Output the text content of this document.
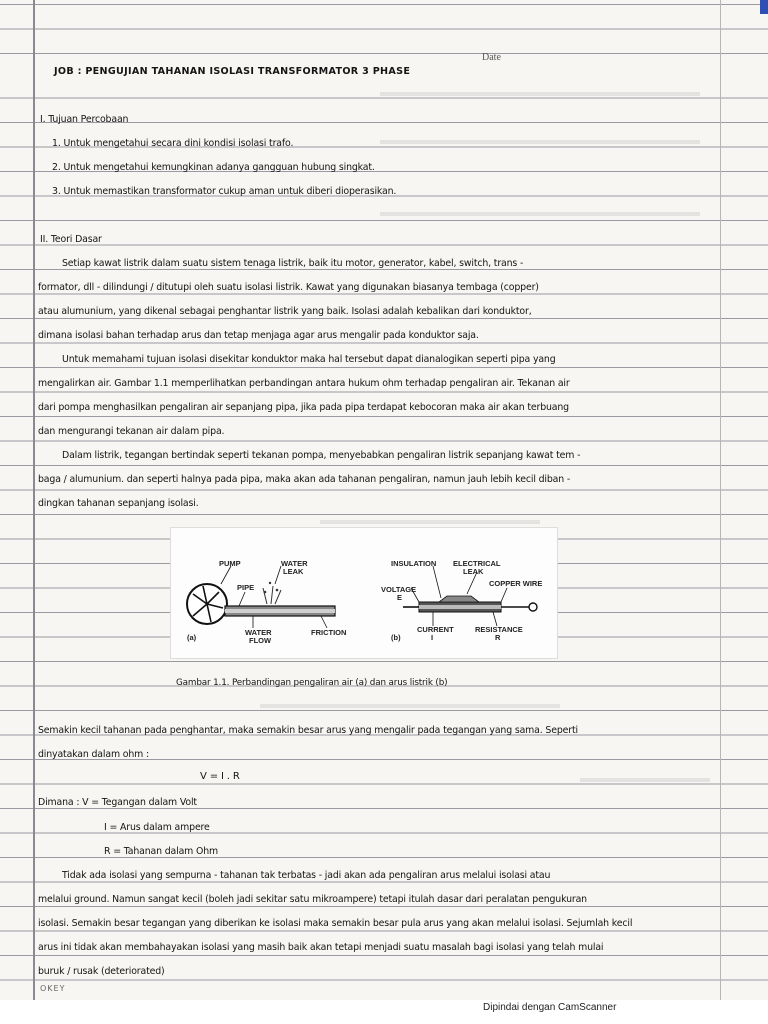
Date
JOB : PENGUJIAN TAHANAN ISOLASI TRANSFORMATOR 3 PHASE
I. Tujuan Percobaan
1. Untuk mengetahui secara dini kondisi isolasi trafo.
2. Untuk mengetahui kemungkinan adanya gangguan hubung singkat.
3. Untuk memastikan transformator cukup aman untuk diberi dioperasikan.
II. Teori Dasar
Setiap kawat listrik dalam suatu sistem tenaga listrik, baik itu motor, generator, kabel, switch, trans -
formator, dll - dilindungi / ditutupi oleh suatu isolasi listrik. Kawat yang digunakan biasanya tembaga (copper)
atau alumunium, yang dikenal sebagai penghantar listrik yang baik. Isolasi adalah kebalikan dari konduktor,
dimana isolasi bahan terhadap arus dan tetap menjaga agar arus mengalir pada konduktor saja.
Untuk memahami tujuan isolasi disekitar konduktor maka hal tersebut dapat dianalogikan seperti pipa yang
mengalirkan air. Gambar 1.1 memperlihatkan perbandingan antara hukum ohm terhadap pengaliran air. Tekanan air
dari pompa menghasilkan pengaliran air sepanjang pipa, jika pada pipa terdapat kebocoran maka air akan terbuang
dan mengurangi tekanan air dalam pipa.
Dalam listrik, tegangan bertindak seperti tekanan pompa, menyebabkan pengaliran listrik sepanjang kawat tem -
baga / alumunium. dan seperti halnya pada pipa, maka akan ada tahanan pengaliran, namun jauh lebih kecil diban -
dingkan tahanan sepanjang isolasi.
PUMP	WATER
LEAK
PIPE
WATER
FLOW
FRICTION
(a)
INSULATION ELECTRICAL
LEAK
VOLTAGE
E
COPPER WIRE
CURRENT
I
RESISTANCE
R
(b)
Gambar 1.1. Perbandingan pengaliran air (a) dan arus listrik (b)
Semakin kecil tahanan pada penghantar, maka semakin besar arus yang mengalir pada tegangan yang sama. Seperti
dinyatakan dalam ohm :
V = I . R
Dimana : V = Tegangan dalam Volt
I = Arus dalam ampere
R = Tahanan dalam Ohm
Tidak ada isolasi yang sempurna - tahanan tak terbatas - jadi akan ada pengaliran arus melalui isolasi atau
melalui ground. Namun sangat kecil (boleh jadi sekitar satu mikroampere) tetapi itulah dasar dari peralatan pengukuran
isolasi. Semakin besar tegangan yang diberikan ke isolasi maka semakin besar pula arus yang akan melalui isolasi. Sejumlah kecil
arus ini tidak akan membahayakan isolasi yang masih baik akan tetapi menjadi suatu masalah bagi isolasi yang telah mulai
buruk / rusak (deteriorated)
OKEY
Dipindai dengan CamScanner
